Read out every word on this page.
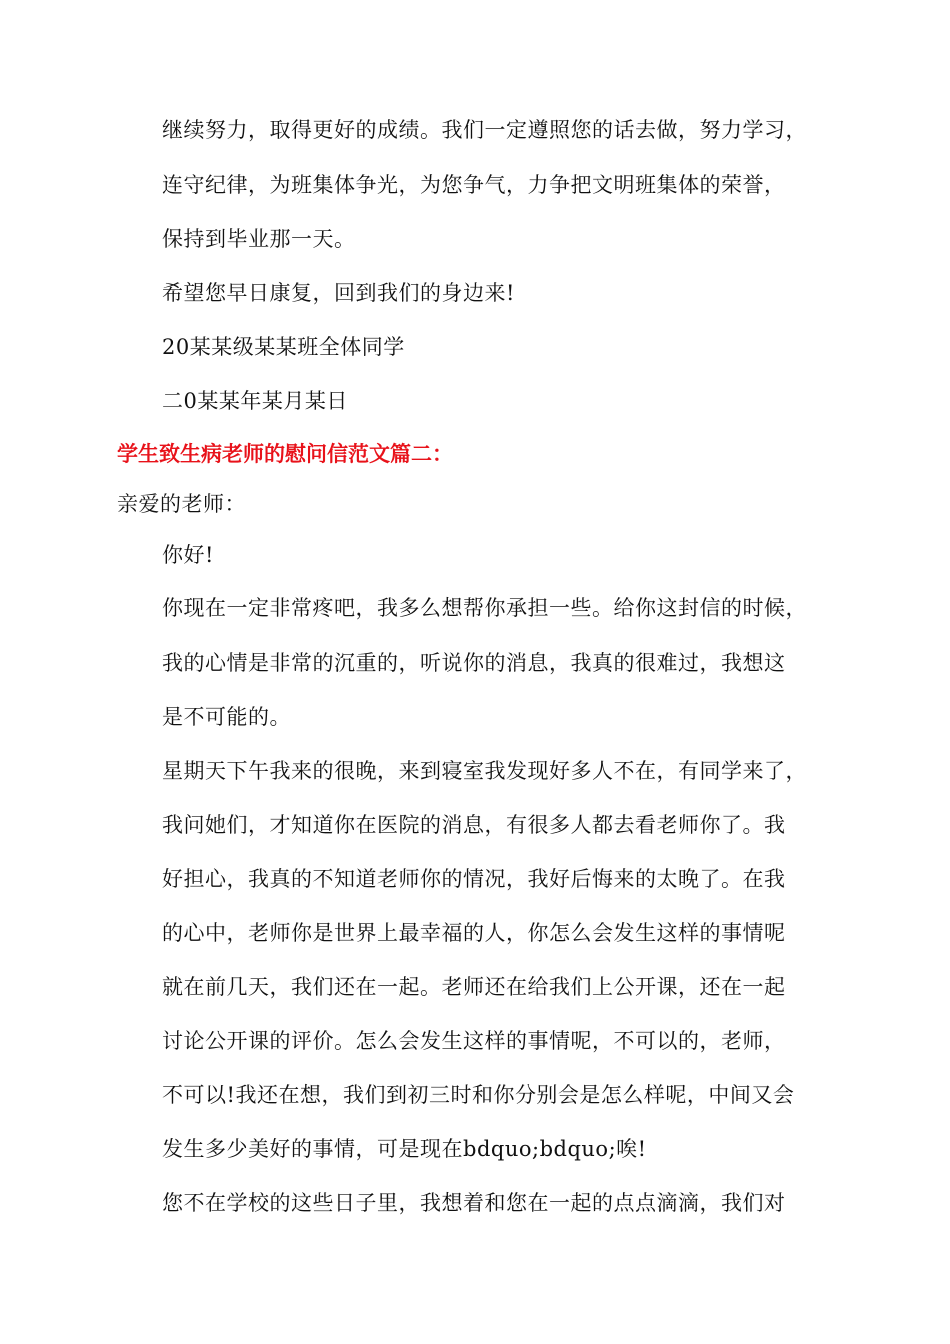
继续努力，取得更好的成绩。我们一定遵照您的话去做，努力学习，
连守纪律，为班集体争光，为您争气，力争把文明班集体的荣誉，
保持到毕业那一天。
希望您早日康复，回到我们的身边来!
20某某级某某班全体同学
二0某某年某月某日
学生致生病老师的慰问信范文篇二：
亲爱的老师：
你好!
你现在一定非常疼吧，我多么想帮你承担一些。给你这封信的时候，
我的心情是非常的沉重的，听说你的消息，我真的很难过，我想这
是不可能的。
星期天下午我来的很晚，来到寝室我发现好多人不在，有同学来了，
我问她们，才知道你在医院的消息，有很多人都去看老师你了。我
好担心，我真的不知道老师你的情况，我好后悔来的太晚了。在我
的心中，老师你是世界上最幸福的人，你怎么会发生这样的事情呢
就在前几天，我们还在一起。老师还在给我们上公开课，还在一起
讨论公开课的评价。怎么会发生这样的事情呢，不可以的，老师，
不可以!我还在想，我们到初三时和你分别会是怎么样呢，中间又会
发生多少美好的事情，可是现在bdquo;bdquo;唉!
您不在学校的这些日子里，我想着和您在一起的点点滴滴，我们对
